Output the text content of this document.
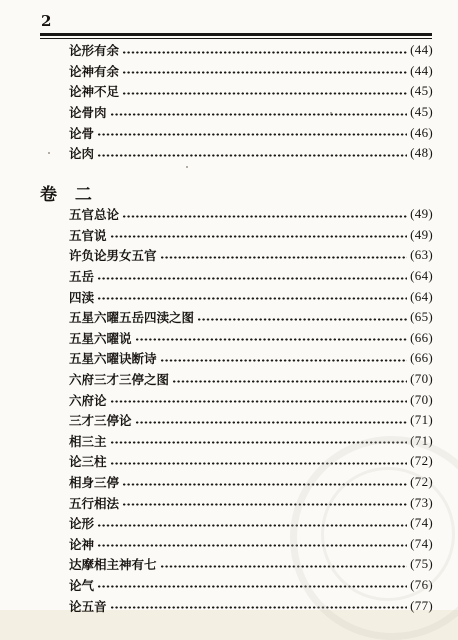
2
论形有余	(44)
论神有余	(44)
论神不足	(45)
论骨肉	(45)
论骨	(46)
论肉	(48)
卷 二
五官总论	(49)
五官说	(49)
许负论男女五官	(63)
五岳	(64)
四渎	(64)
五星六曜五岳四渎之图	(65)
五星六曜说	(66)
五星六曜诀断诗	(66)
六府三才三停之图	(70)
六府论	(70)
三才三停论	(71)
相三主	(71)
论三柱	(72)
相身三停	(72)
五行相法	(73)
论形	(74)
论神	(74)
达摩相主神有七	(75)
论气	(76)
论五音	(77)
